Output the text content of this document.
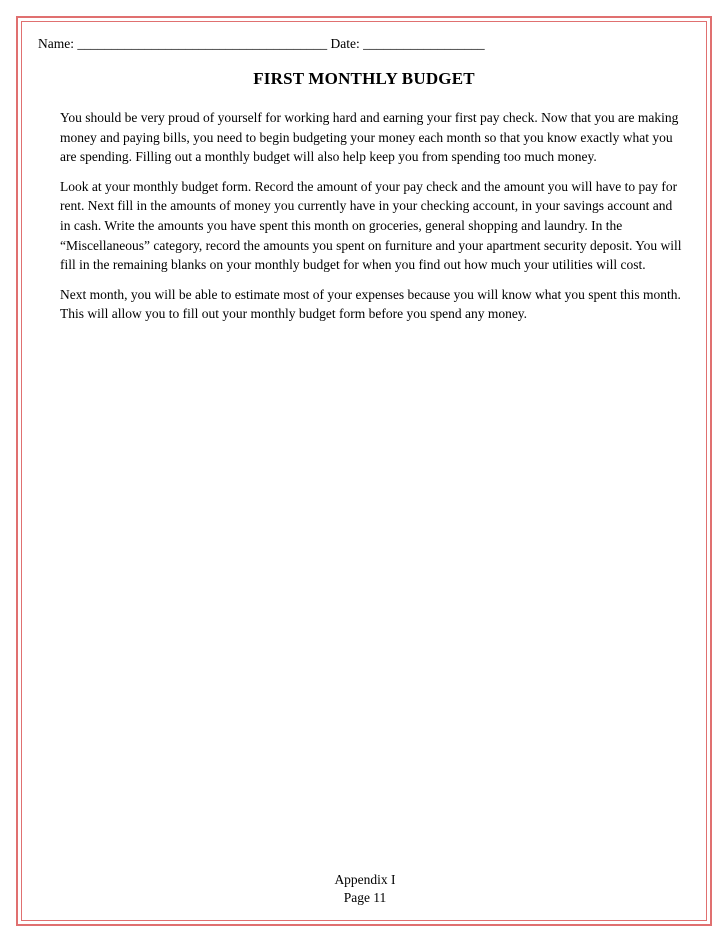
Name: _____________________________________ Date: __________________
FIRST MONTHLY BUDGET

You should be very proud of yourself for working hard and earning your first pay check. Now that you are making money and paying bills, you need to begin budgeting your money each month so that you know exactly what you are spending. Filling out a monthly budget will also help keep you from spending too much money.

Look at your monthly budget form. Record the amount of your pay check and the amount you will have to pay for rent. Next fill in the amounts of money you currently have in your checking account, in your savings account and in cash. Write the amounts you have spent this month on groceries, general shopping and laundry. In the “Miscellaneous” category, record the amounts you spent on furniture and your apartment security deposit. You will fill in the remaining blanks on your monthly budget for when you find out how much your utilities will cost.

Next month, you will be able to estimate most of your expenses because you will know what you spent this month. This will allow you to fill out your monthly budget form before you spend any money.

Appendix I
Page 11
